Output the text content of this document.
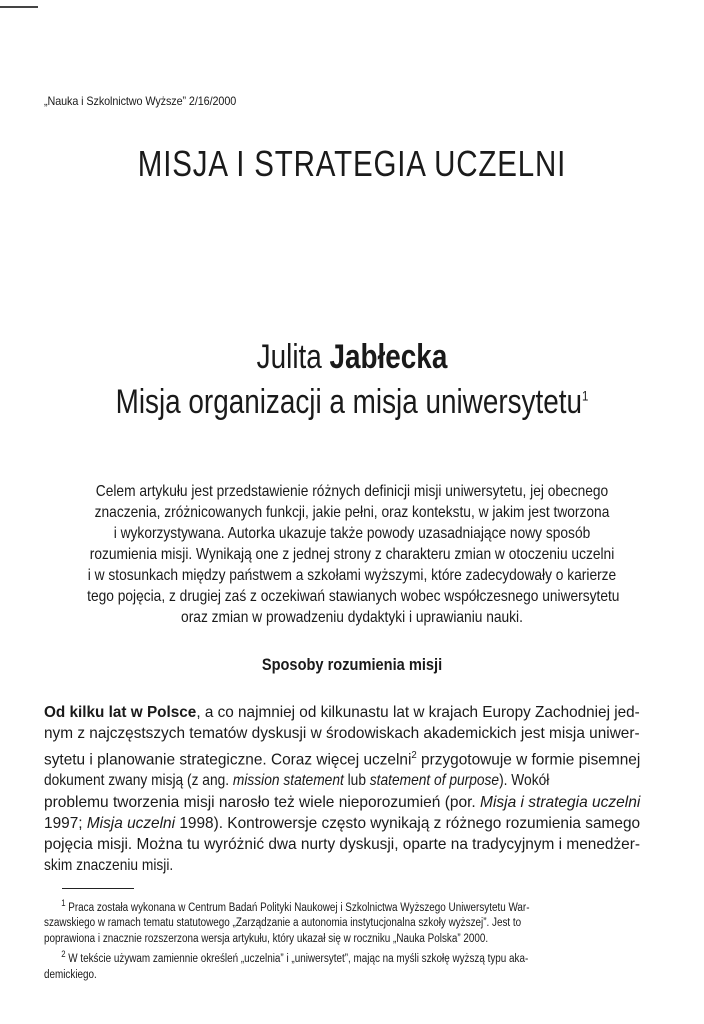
„Nauka i Szkolnictwo Wyższe” 2/16/2000
MISJA I STRATEGIA UCZELNI
Julita Jabłecka
Misja organizacji a misja uniwersytetu$^1$
Celem artykułu jest przedstawienie różnych definicji misji uniwersytetu, jej obecnego
znaczenia, zróżnicowanych funkcji, jakie pełni, oraz kontekstu, w jakim jest tworzona
i wykorzystywana. Autorka ukazuje także powody uzasadniające nowy sposób
rozumienia misji. Wynikają one z jednej strony z charakteru zmian w otoczeniu uczelni
i w stosunkach między państwem a szkołami wyższymi, które zadecydowały o karierze
tego pojęcia, z drugiej zaś z oczekiwań stawianych wobec współczesnego uniwersytetu
oraz zmian w prowadzeniu dydaktyki i uprawianiu nauki.
Sposoby rozumienia misji
Od kilku lat w Polsce, a co najmniej od kilkunastu lat w krajach Europy Zachodniej jed-
nym z najczęstszych tematów dyskusji w środowiskach akademickich jest misja uniwer-
sytetu i planowanie strategiczne. Coraz więcej uczelni$^2$ przygotowuje w formie pisemnej
dokument zwany misją (z ang. mission statement lub statement of purpose). Wokół
problemu tworzenia misji narosło też wiele nieporozumień (por. Misja i strategia uczelni
1997; Misja uczelni 1998). Kontrowersje często wynikają z różnego rozumienia samego
pojęcia misji. Można tu wyróżnić dwa nurty dyskusji, oparte na tradycyjnym i menedżer-
skim znaczeniu misji.
$^1$ Praca została wykonana w Centrum Badań Polityki Naukowej i Szkolnictwa Wyższego Uniwersytetu War-
szawskiego w ramach tematu statutowego „Zarządzanie a autonomia instytucjonalna szkoły wyższej”. Jest to
poprawiona i znacznie rozszerzona wersja artykułu, który ukazał się w roczniku „Nauka Polska” 2000.
$^2$ W tekście używam zamiennie określeń „uczelnia” i „uniwersytet”, mając na myśli szkołę wyższą typu aka-
demickiego.
